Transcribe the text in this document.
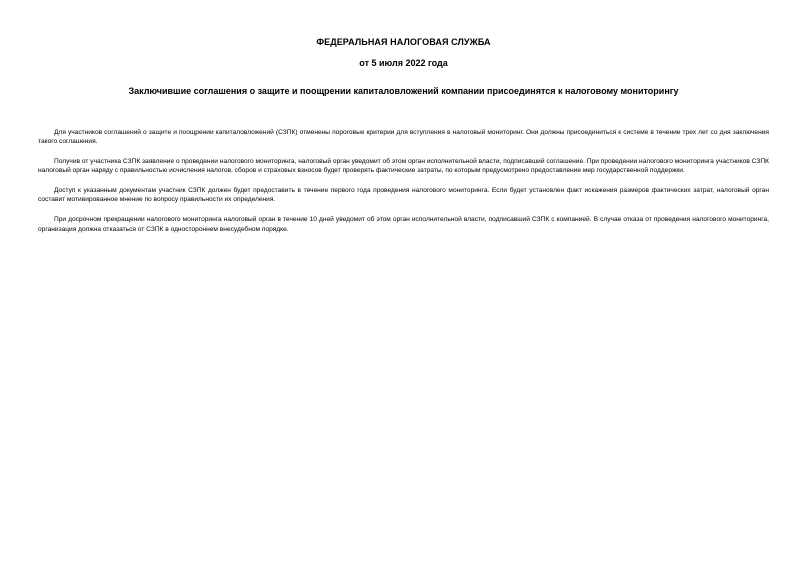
ФЕДЕРАЛЬНАЯ НАЛОГОВАЯ СЛУЖБА
от 5 июля 2022 года
Заключившие соглашения о защите и поощрении капиталовложений компании присоединятся к налоговому мониторингу

Для участников соглашений о защите и поощрении капиталовложений (СЗПК) отменены пороговые критерии для вступления в налоговый мониторинг. Они должны присоединиться к системе в течение трех лет со дня заключения такого соглашения.

Получив от участника СЗПК заявление о проведении налогового мониторинга, налоговый орган уведомит об этом орган исполнительной власти, подписавший соглашение. При проведении налогового мониторинга участников СЗПК налоговый орган наряду с правильностью исчисления налогов, сборов и страховых взносов будет проверять фактические затраты, по которым предусмотрено предоставление мер государственной поддержки.

Доступ к указанным документам участник СЗПК должен будет предоставить в течение первого года проведения налогового мониторинга. Если будет установлен факт искажения размеров фактических затрат, налоговый орган составит мотивированное мнение по вопросу правильности их определения.

При досрочном прекращении налогового мониторинга налоговый орган в течение 10 дней уведомит об этом орган исполнительной власти, подписавший СЗПК с компанией. В случае отказа от проведения налогового мониторинга, организация должна отказаться от СЗПК в одностороннем внесудебном порядке.
